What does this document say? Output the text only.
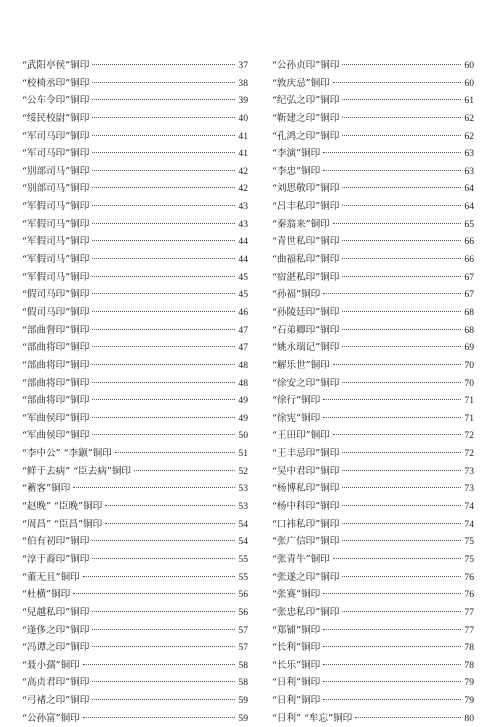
“武阳亭侯”铜印	37
“校椅丞印”铜印	38
“公车令印”铜印	39
“绥民校尉”铜印	40
“军司马印”铜印	41
“军司马印”铜印	41
“别部司马”铜印	42
“别部司马”铜印	42
“军假司马”铜印	43
“军假司马”铜印	43
“军假司马”铜印	44
“军假司马”铜印	44
“军假司马”铜印	45
“假司马印”铜印	45
“假司马印”铜印	46
“部曲督印”铜印	47
“部曲将印”铜印	47
“部曲将印”铜印	48
“部曲将印”铜印	48
“部曲将印”铜印	49
“军曲侯印”铜印	49
“军曲侯印”铜印	50
“李中公” “李颛”铜印	51
“鲜于去病” “臣去病”铜印	52
“蓄客”铜印	53
“赵晚” “臣晚”铜印	53
“周昌” “臣昌”铜印	54
“伯有初印”铜印	54
“淳于裔印”铜印	55
“董无且”铜印	55
“杜横”铜印	56
“兒越私印”铜印	56
“逢侈之印”铜印	57
“冯谭之印”铜印	57
“聂小孺”铜印	58
“高贞君印”铜印	58
“弓褚之印”铜印	59
“公孙富”铜印	59
“公孙贞印”铜印	60
“敦庆忌”铜印	60
“纪弘之印”铜印	61
“靳建之印”铜印	62
“孔鸿之印”铜印	62
“李演”铜印	63
“李忠”铜印	63
“刘思敬印”铜印	64
“吕丰私印”铜印	64
“秦翁来”铜印	65
“青世私印”铜印	66
“曲福私印”铜印	66
“宿湛私印”铜印	67
“孙福”铜印	67
“孙陵廷印”铜印	68
“石弟卿印”铜印	68
“姚永瑞记”铜印	69
“解乐世”铜印	70
“徐安之印”铜印	70
“徐行”铜印	71
“徐宪”铜印	71
“王田印”铜印	72
“王丰忌印”铜印	72
“吴中君印”铜印	73
“杨博私印”铜印	73
“杨中科印”铜印	74
“口祎私印”铜印	74
“张广信印”铜印	75
“张青牛”铜印	75
“张遂之印”铜印	76
“张赛”铜印	76
“张忠私印”铜印	77
“郑铺”铜印	77
“长利”铜印	78
“长乐”铜印	78
“日利”铜印	79
“日利”铜印	79
“日利” “牟忘”铜印	80
